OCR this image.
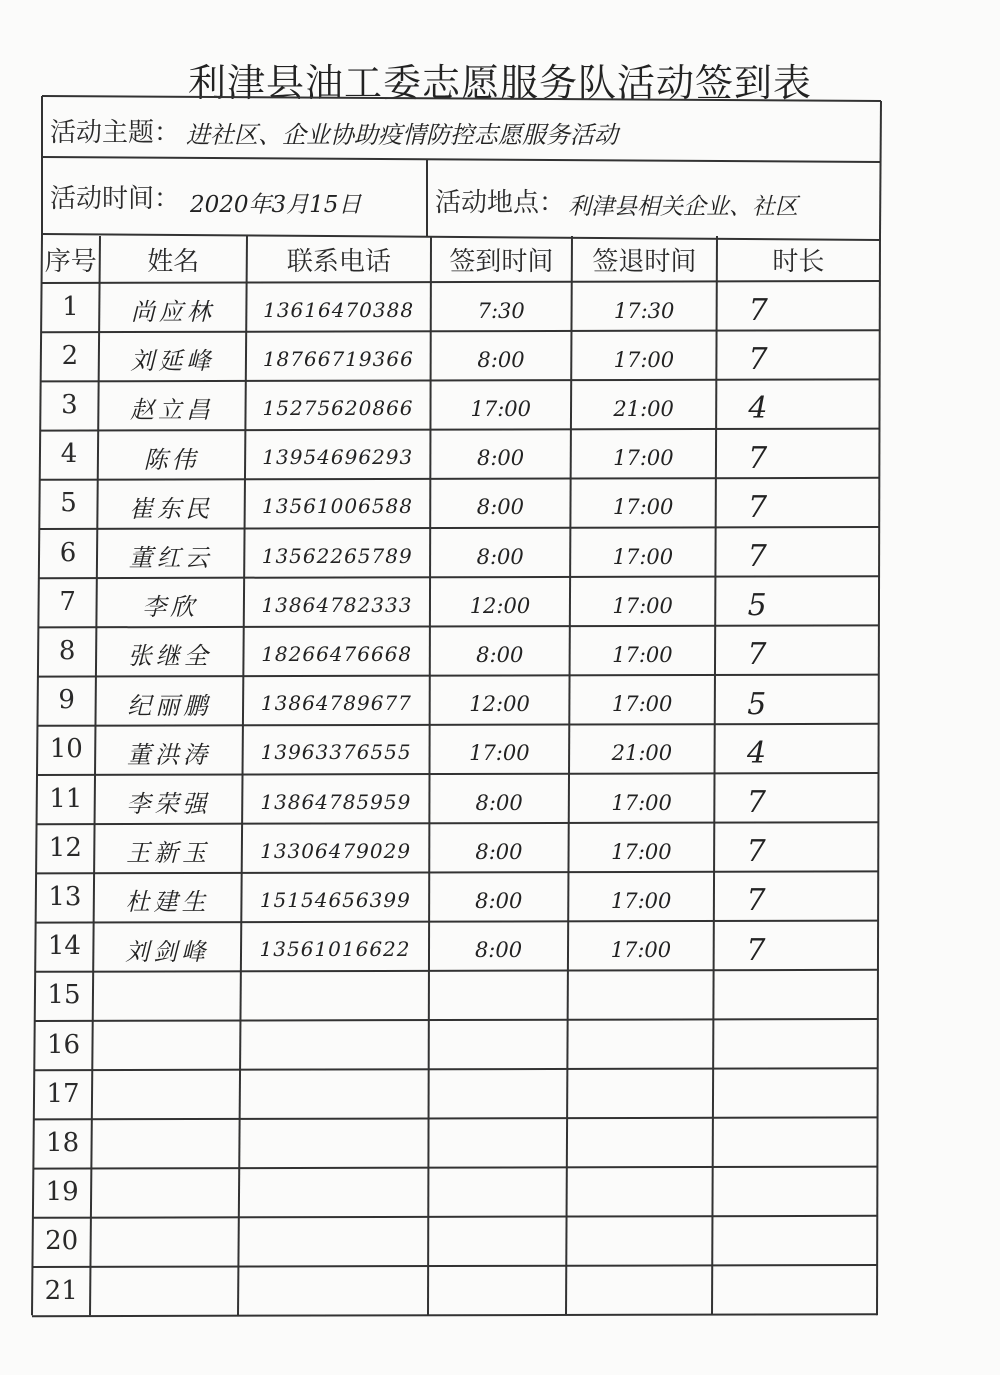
利津县油工委志愿服务队活动签到表
活动主题： 进社区、企业协助疫情防控志愿服务活动
活动时间： 2020年3月15日	活动地点： 利津县相关企业、社区
序号	姓名	联系电话	签到时间	签退时间	时长
1	尚应林	13616470388	7:30	17:30	7
2	刘延峰	18766719366	8:00	17:00	7
3	赵立昌	15275620866	17:00	21:00	4
4	陈伟	13954696293	8:00	17:00	7
5	崔东民	13561006588	8:00	17:00	7
6	董红云	13562265789	8:00	17:00	7
7	李欣	13864782333	12:00	17:00	5
8	张继全	18266476668	8:00	17:00	7
9	纪丽鹏	13864789677	12:00	17:00	5
10	董洪涛	13963376555	17:00	21:00	4
11	李荣强	13864785959	8:00	17:00	7
12	王新玉	13306479029	8:00	17:00	7
13	杜建生	15154656399	8:00	17:00	7
14	刘剑峰	13561016622	8:00	17:00	7
15
16
17
18
19
20
21
